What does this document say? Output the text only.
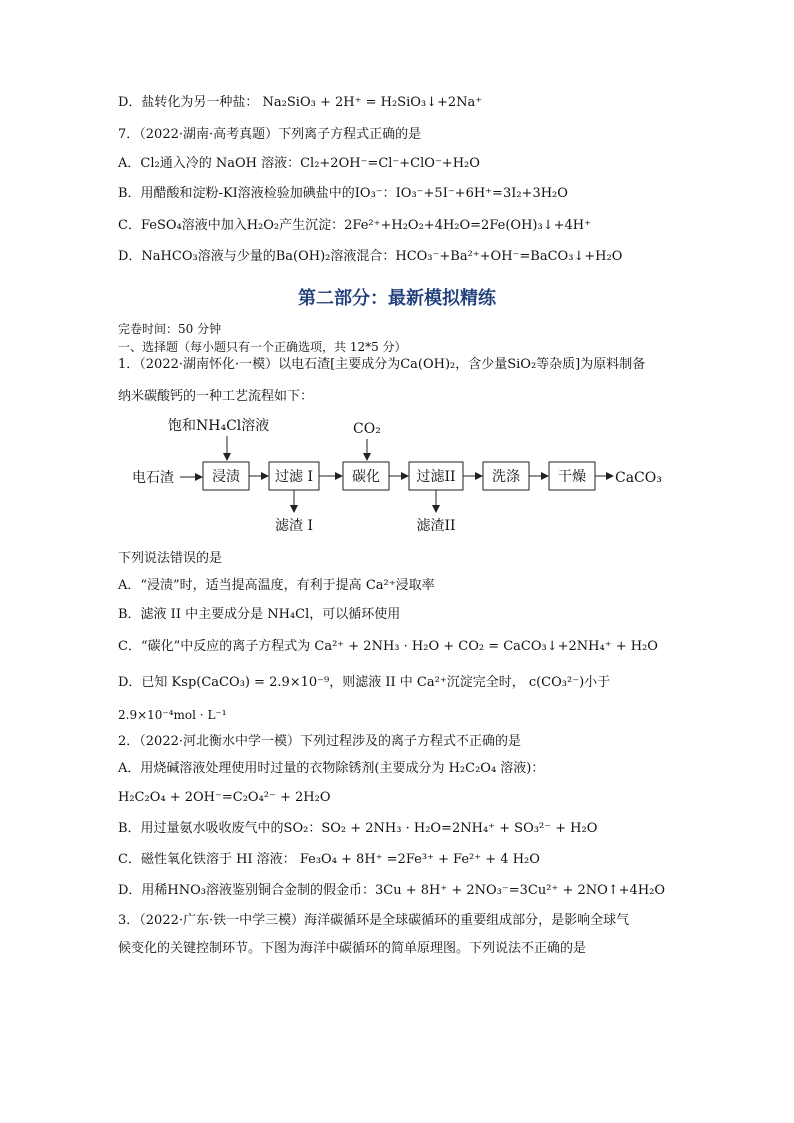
D．盐转化为另一种盐： Na₂SiO₃ + 2H⁺ = H₂SiO₃↓+2Na⁺
7．（2022·湖南·高考真题）下列离子方程式正确的是
A．Cl₂通入冷的 NaOH 溶液：Cl₂+2OH⁻=Cl⁻+ClO⁻+H₂O
B．用醋酸和淀粉-KI溶液检验加碘盐中的IO₃⁻：IO₃⁻+5I⁻+6H⁺=3I₂+3H₂O
C．FeSO₄溶液中加入H₂O₂产生沉淀：2Fe²⁺+H₂O₂+4H₂O=2Fe(OH)₃↓+4H⁺
D．NaHCO₃溶液与少量的Ba(OH)₂溶液混合：HCO₃⁻+Ba²⁺+OH⁻=BaCO₃↓+H₂O
第二部分：最新模拟精练
完卷时间：50 分钟
一、选择题（每小题只有一个正确选项，共 12*5 分）
1．（2022·湖南怀化·一模）以电石渣[主要成分为Ca(OH)₂，含少量SiO₂等杂质]为原料制备
纳米碳酸钙的一种工艺流程如下：
饱和NH₄Cl溶液	CO₂
电石渣	浸渍	过滤 I	碳化	过滤II	洗涤	干燥 CaCO₃
滤渣 I	滤渣II
下列说法错误的是
A．“浸渍”时，适当提高温度，有利于提高 Ca²⁺浸取率
B．滤液 II 中主要成分是 NH₄Cl，可以循环使用
C．“碳化”中反应的离子方程式为 Ca²⁺ + 2NH₃ · H₂O + CO₂ = CaCO₃↓+2NH₄⁺ + H₂O
D．已知 Ksp(CaCO₃) = 2.9×10⁻⁹，则滤液 II 中 Ca²⁺沉淀完全时， c(CO₃²⁻)小于
2.9×10⁻⁴mol · L⁻¹
2．（2022·河北衡水中学一模）下列过程涉及的离子方程式不正确的是
A．用烧碱溶液处理使用时过量的衣物除锈剂(主要成分为 H₂C₂O₄ 溶液)：
H₂C₂O₄ + 2OH⁻=C₂O₄²⁻ + 2H₂O
B．用过量氨水吸收废气中的SO₂：SO₂ + 2NH₃ · H₂O=2NH₄⁺ + SO₃²⁻ + H₂O
C．磁性氧化铁溶于 HI 溶液： Fe₃O₄ + 8H⁺ =2Fe³⁺ + Fe²⁺ + 4 H₂O
D．用稀HNO₃溶液鉴别铜合金制的假金币：3Cu + 8H⁺ + 2NO₃⁻=3Cu²⁺ + 2NO↑+4H₂O
3．（2022·广东·铁一中学三模）海洋碳循环是全球碳循环的重要组成部分，是影响全球气
候变化的关键控制环节。下图为海洋中碳循环的简单原理图。下列说法不正确的是
